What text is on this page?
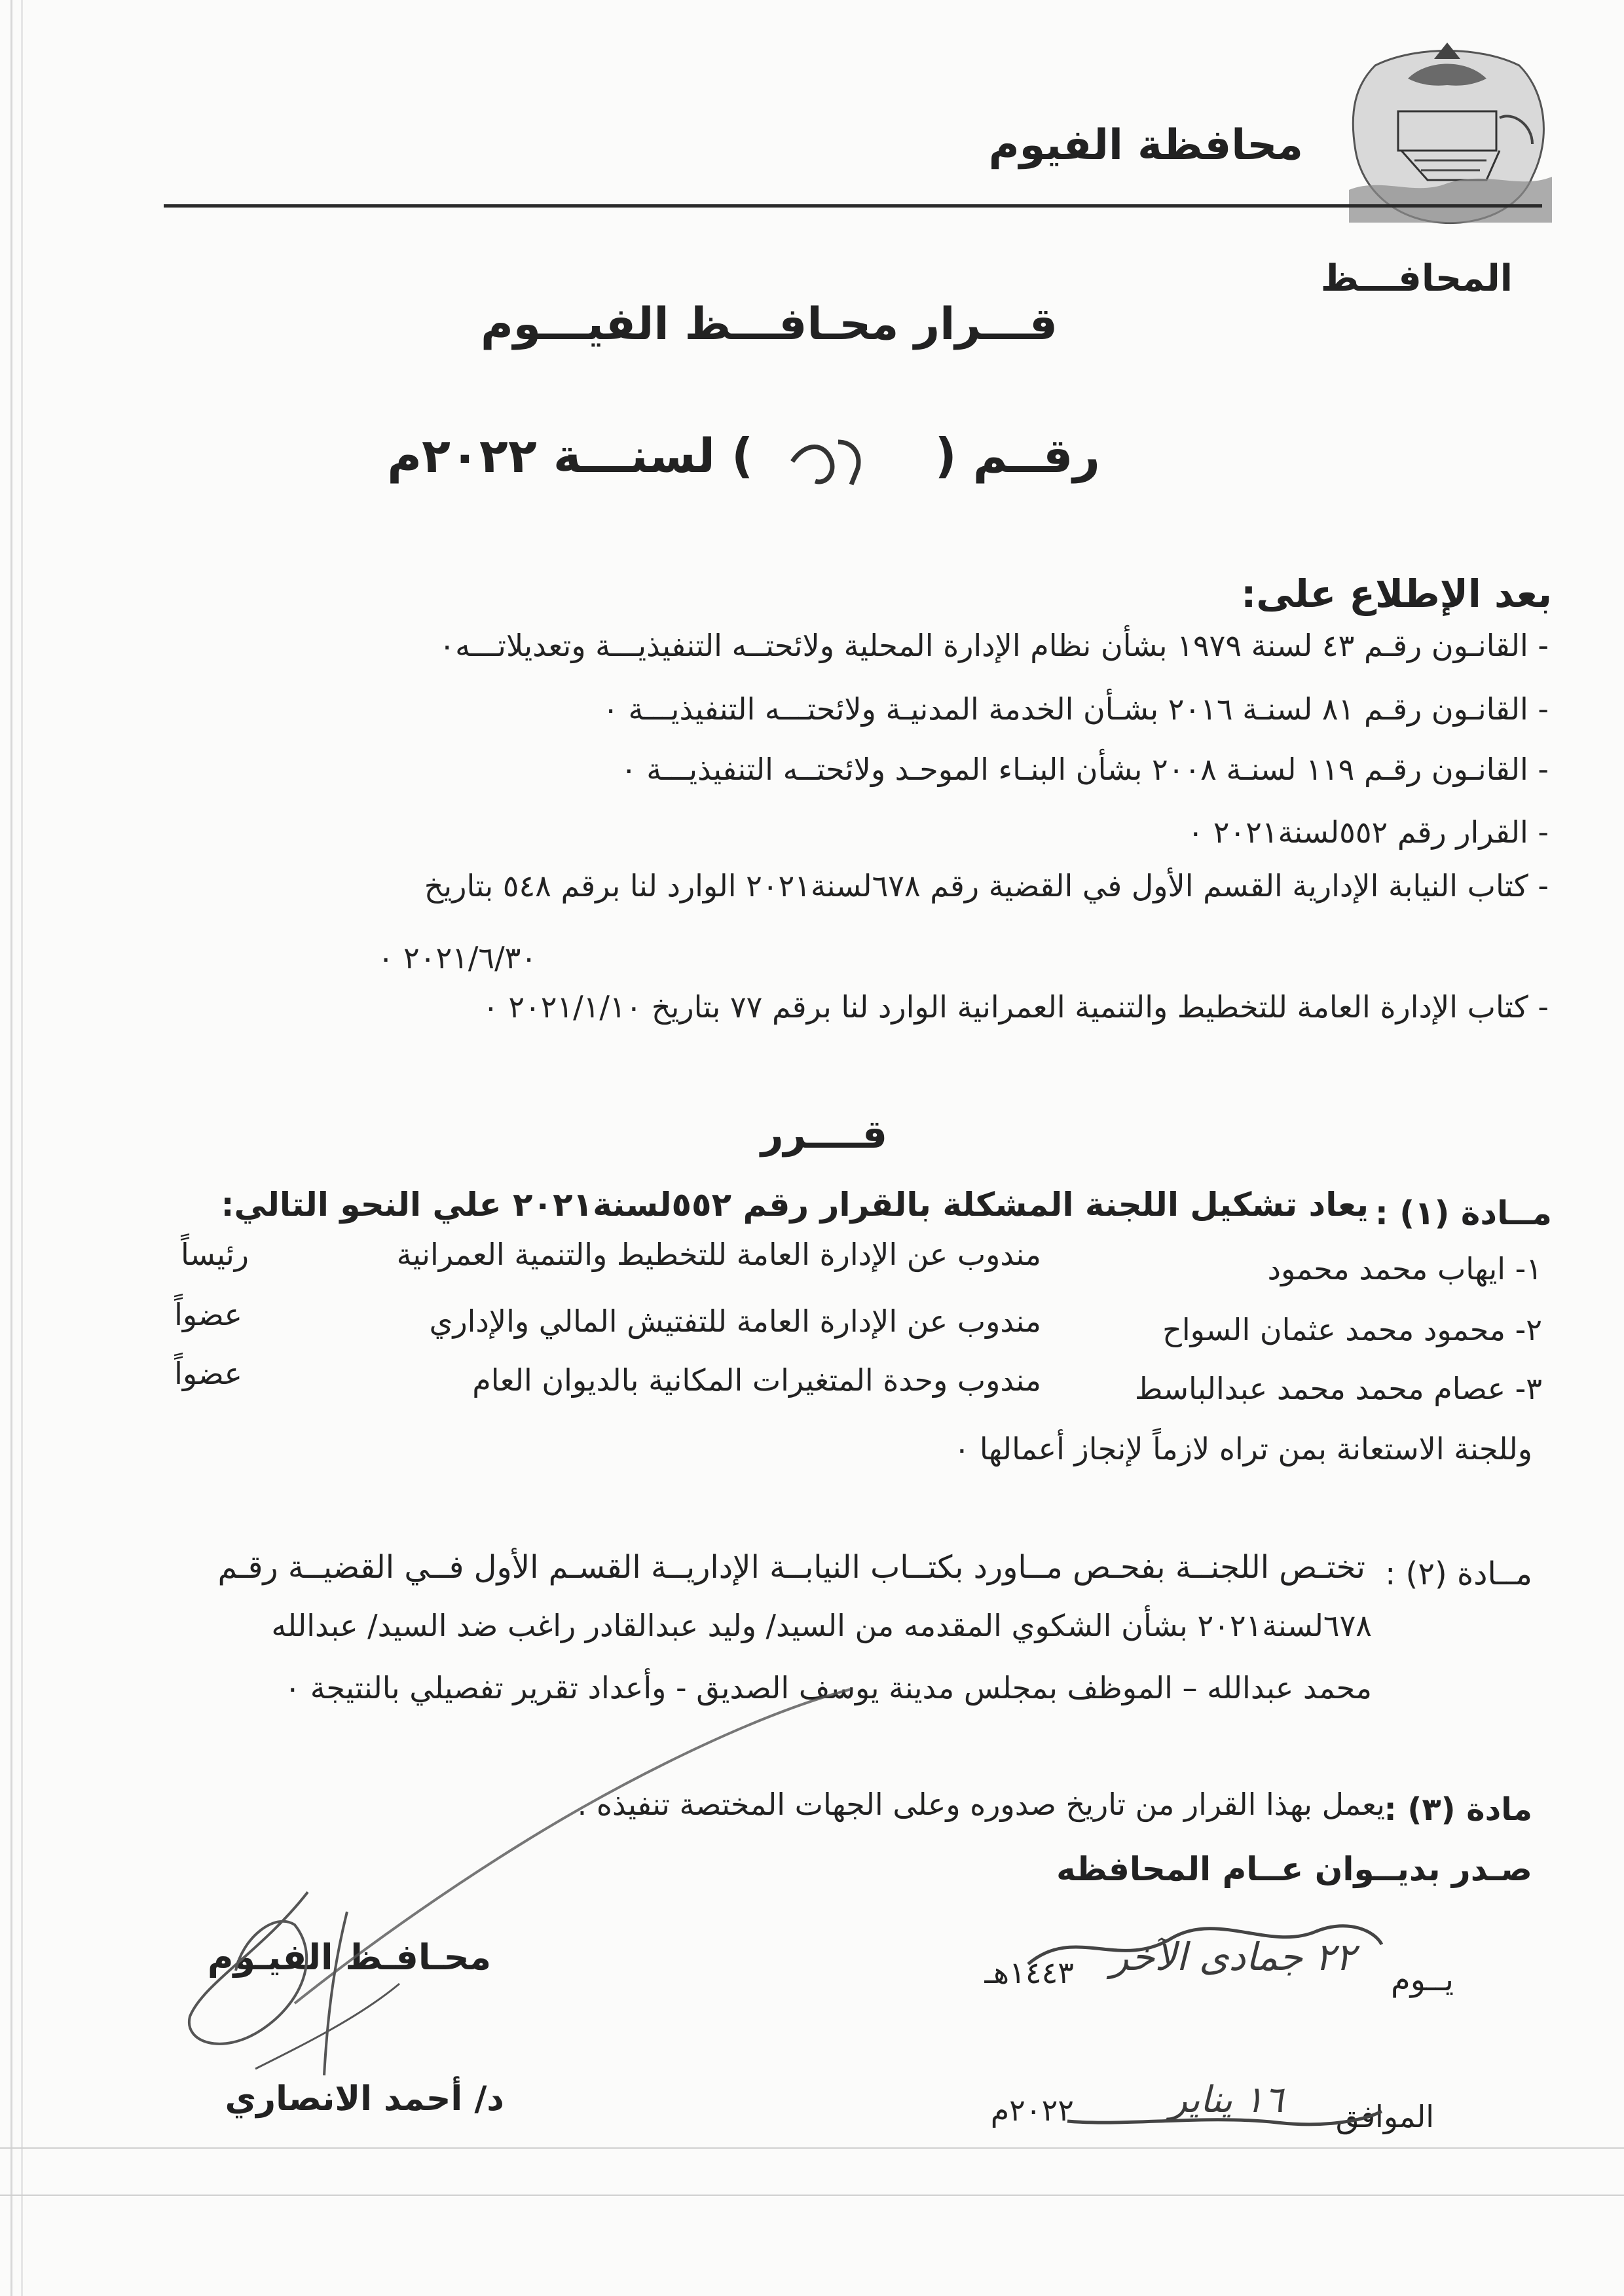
محافظة الفيوم
المحافـــظ
قـــرار محـافـــظ الفيـــوم
رقــم (
) لسنـــة ٢٠٢٢م
بعد الإطلاع على:
- القانـون رقـم ٤٣ لسنة ١٩٧٩ بشأن نظام الإدارة المحلية ولائحتــه التنفيذيـــة وتعديلاتـــه٠
- القانـون رقـم ٨١ لسنـة ٢٠١٦ بشـأن الخدمة المدنيـة ولائحتـــه التنفيذيـــة ٠
- القانـون رقـم ١١٩ لسنـة ٢٠٠٨ بشأن البنـاء الموحـد ولائحتــه التنفيذيـــة ٠
- القرار رقم ٥٥٢لسنة٢٠٢١ ٠
- كتاب النيابة الإدارية القسم الأول في القضية رقم ٦٧٨لسنة٢٠٢١ الوارد لنا برقم ٥٤٨ بتاريخ
٢٠٢١/٦/٣٠ ٠
- كتاب الإدارة العامة للتخطيط والتنمية العمرانية الوارد لنا برقم ٧٧ بتاريخ ٢٠٢١/١/١٠ ٠
قــــرر
مــادة (١) :
يعاد تشكيل اللجنة المشكلة بالقرار رقم ٥٥٢لسنة٢٠٢١ علي النحو التالي:
١- ايهاب محمد محمود
مندوب عن الإدارة العامة للتخطيط والتنمية العمرانية
رئيساً
٢- محمود محمد عثمان السواح
مندوب عن الإدارة العامة للتفتيش المالي والإداري
عضواً
٣- عصام محمد محمد عبدالباسط
مندوب وحدة المتغيرات المكانية بالديوان العام
عضواً
وللجنة الاستعانة بمن تراه لازماً لإنجاز أعمالها ٠
مــادة (٢) :
تختـص اللجنــة بفحـص مــاورد بكتــاب النيابــة الإداريــة القسـم الأول فــي القضيــة رقـم
٦٧٨لسنة٢٠٢١ بشأن الشكوي المقدمه من السيد/ وليد عبدالقادر راغب ضد السيد/ عبدالله
محمد عبدالله – الموظف بمجلس مدينة يوسف الصديق - وأعداد تقرير تفصيلي بالنتيجة ٠
مادة (٣) :
يعمل بهذا القرار من تاريخ صدوره وعلى الجهات المختصة تنفيذه .
صـدر بديــوان عــام المحافظه
يــوم
٢٢ جمادى الآخر
١٤٤٣هـ
الموافق
١٦ يناير
٢٠٢٢م
محـافـظ الفيـوم
د/ أحمد الانصاري
